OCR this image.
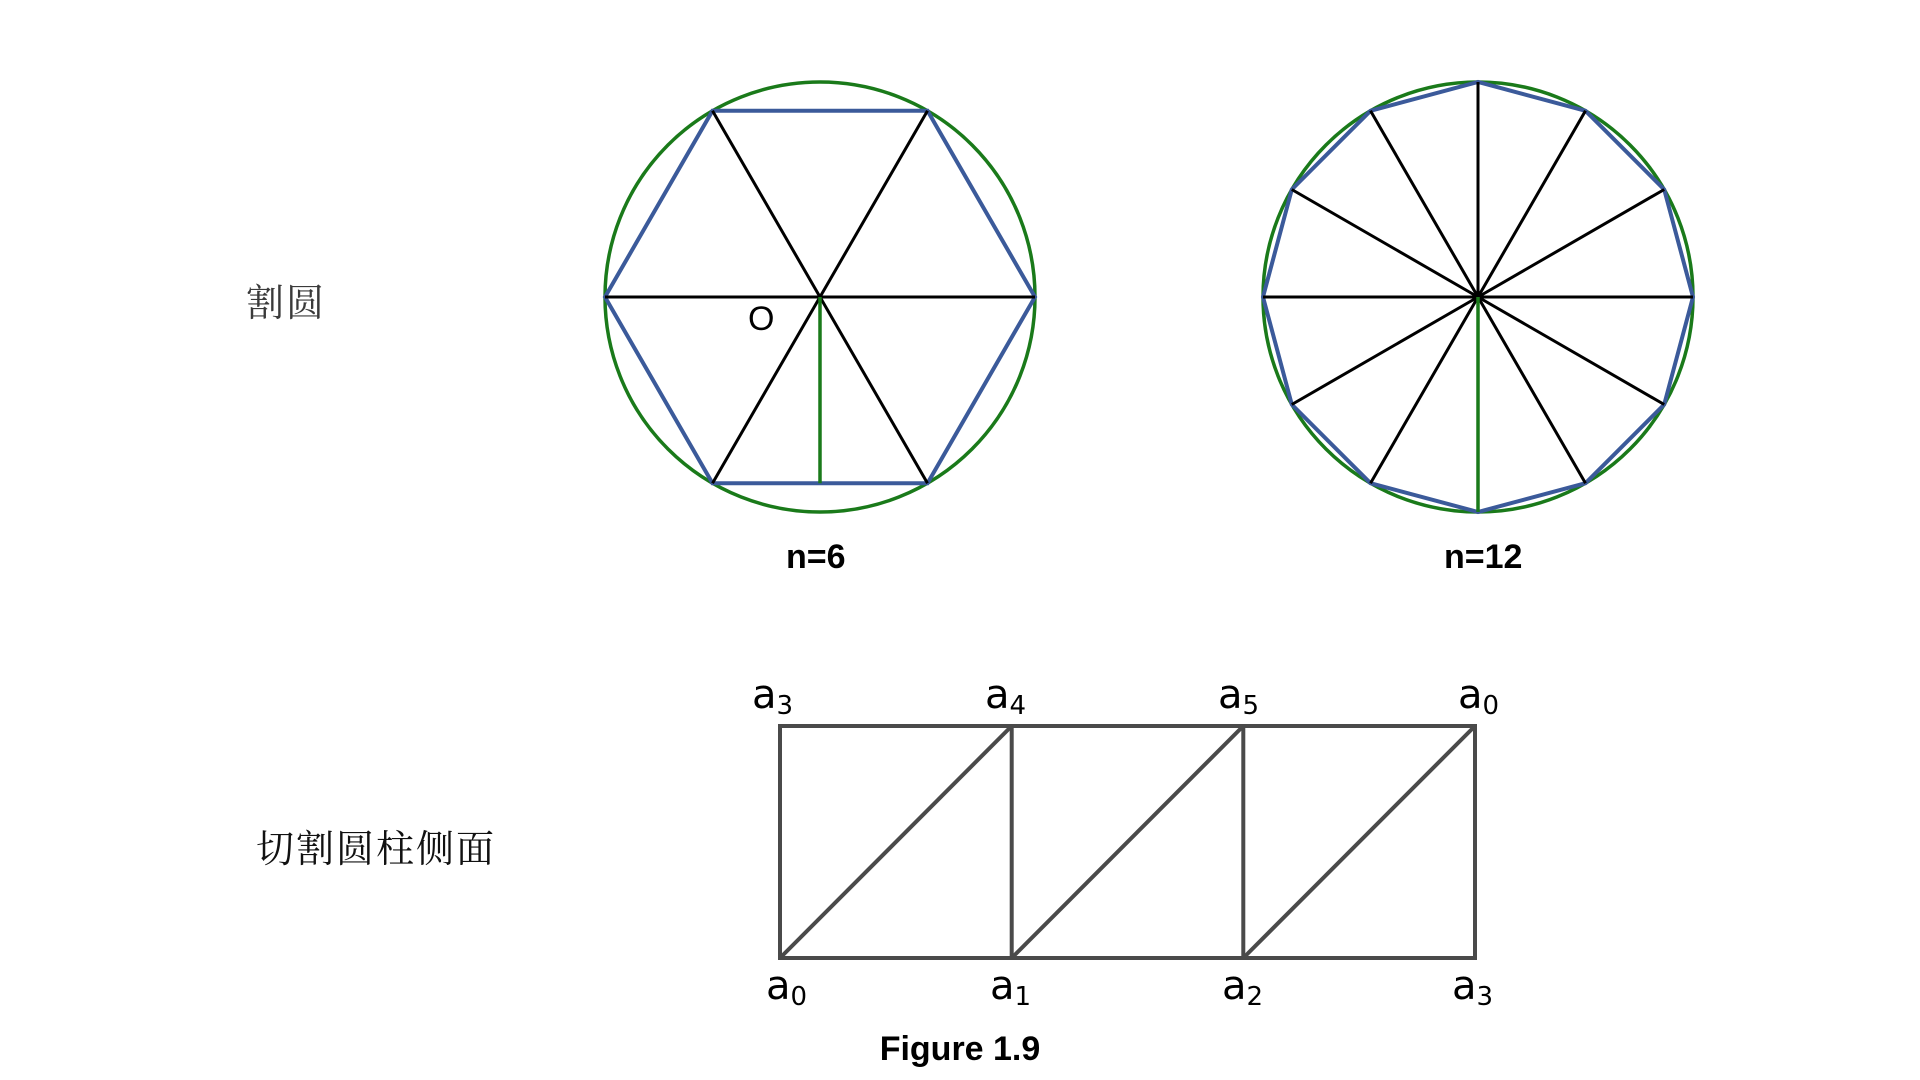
割圆
切割圆柱侧面
O
n=6	n=12
$a_3$	$a_4$	$a_5$	$a_0$
$a_0$	$a_1$	$a_2$	$a_3$
Figure 1.9
